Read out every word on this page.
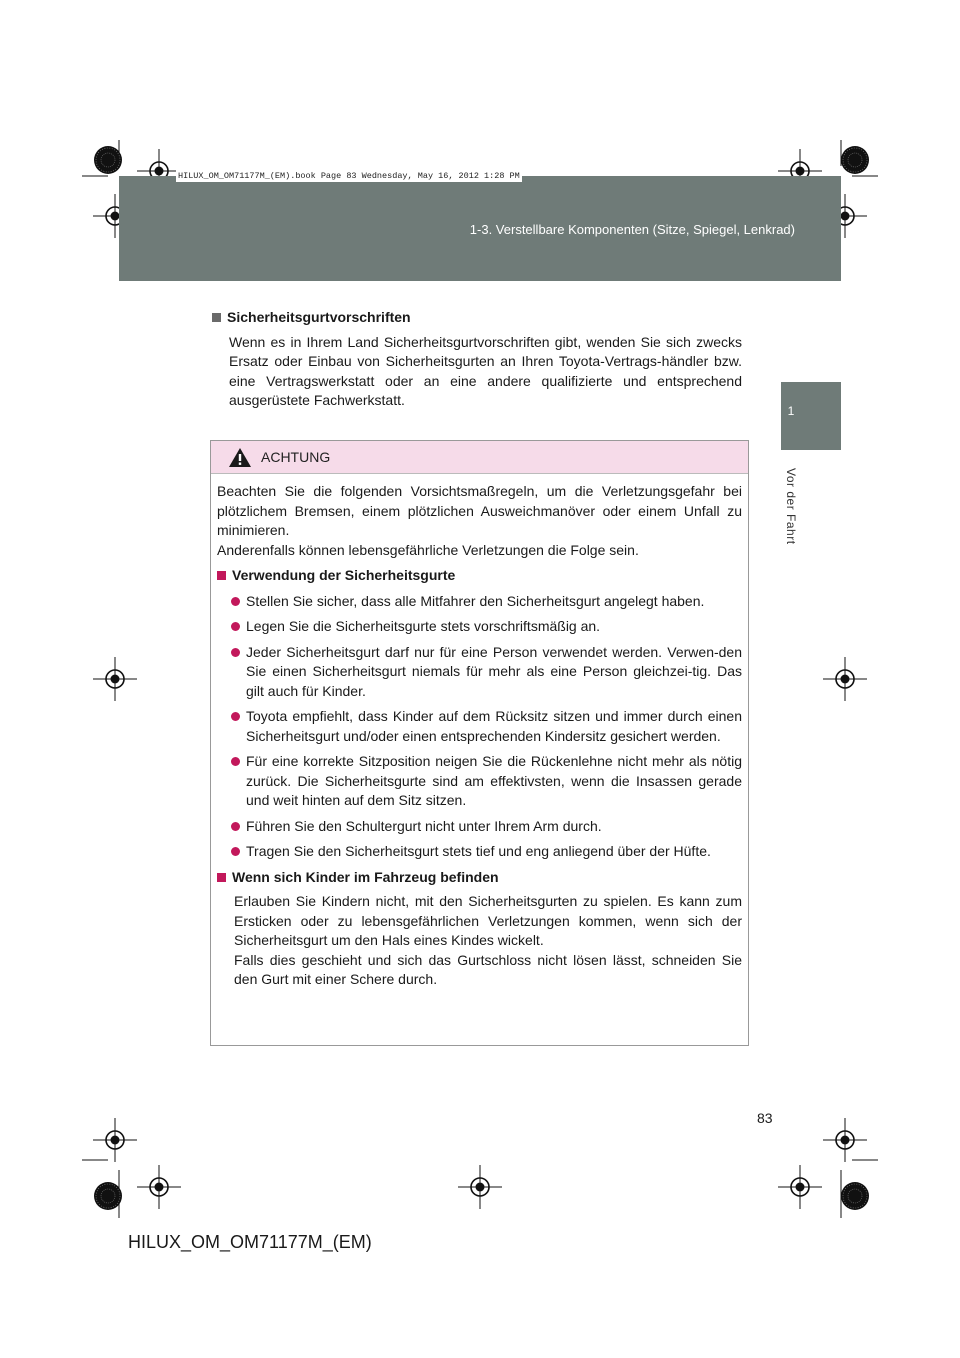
HILUX_OM_OM71177M_(EM).book Page 83 Wednesday, May 16, 2012 1:28 PM
1-3. Verstellbare Komponenten (Sitze, Spiegel, Lenkrad)
1
Vor der Fahrt
Sicherheitsgurtvorschriften
Wenn es in Ihrem Land Sicherheitsgurtvorschriften gibt, wenden Sie sich zwecks Ersatz oder Einbau von Sicherheitsgurten an Ihren Toyota-Vertrags-händler bzw. eine Vertragswerkstatt oder an eine andere qualifizierte und entsprechend ausgerüstete Fachwerkstatt.
ACHTUNG
Beachten Sie die folgenden Vorsichtsmaßregeln, um die Verletzungsgefahr bei plötzlichem Bremsen, einem plötzlichen Ausweichmanöver oder einem Unfall zu minimieren.
Anderenfalls können lebensgefährliche Verletzungen die Folge sein.
Verwendung der Sicherheitsgurte
Stellen Sie sicher, dass alle Mitfahrer den Sicherheitsgurt angelegt haben.
Legen Sie die Sicherheitsgurte stets vorschriftsmäßig an.
Jeder Sicherheitsgurt darf nur für eine Person verwendet werden. Verwen-den Sie einen Sicherheitsgurt niemals für mehr als eine Person gleichzei-tig. Das gilt auch für Kinder.
Toyota empfiehlt, dass Kinder auf dem Rücksitz sitzen und immer durch einen Sicherheitsgurt und/oder einen entsprechenden Kindersitz gesichert werden.
Für eine korrekte Sitzposition neigen Sie die Rückenlehne nicht mehr als nötig zurück. Die Sicherheitsgurte sind am effektivsten, wenn die Insassen gerade und weit hinten auf dem Sitz sitzen.
Führen Sie den Schultergurt nicht unter Ihrem Arm durch.
Tragen Sie den Sicherheitsgurt stets tief und eng anliegend über der Hüfte.
Wenn sich Kinder im Fahrzeug befinden
Erlauben Sie Kindern nicht, mit den Sicherheitsgurten zu spielen. Es kann zum Ersticken oder zu lebensgefährlichen Verletzungen kommen, wenn sich der Sicherheitsgurt um den Hals eines Kindes wickelt.
Falls dies geschieht und sich das Gurtschloss nicht lösen lässt, schneiden Sie den Gurt mit einer Schere durch.
83
HILUX_OM_OM71177M_(EM)
